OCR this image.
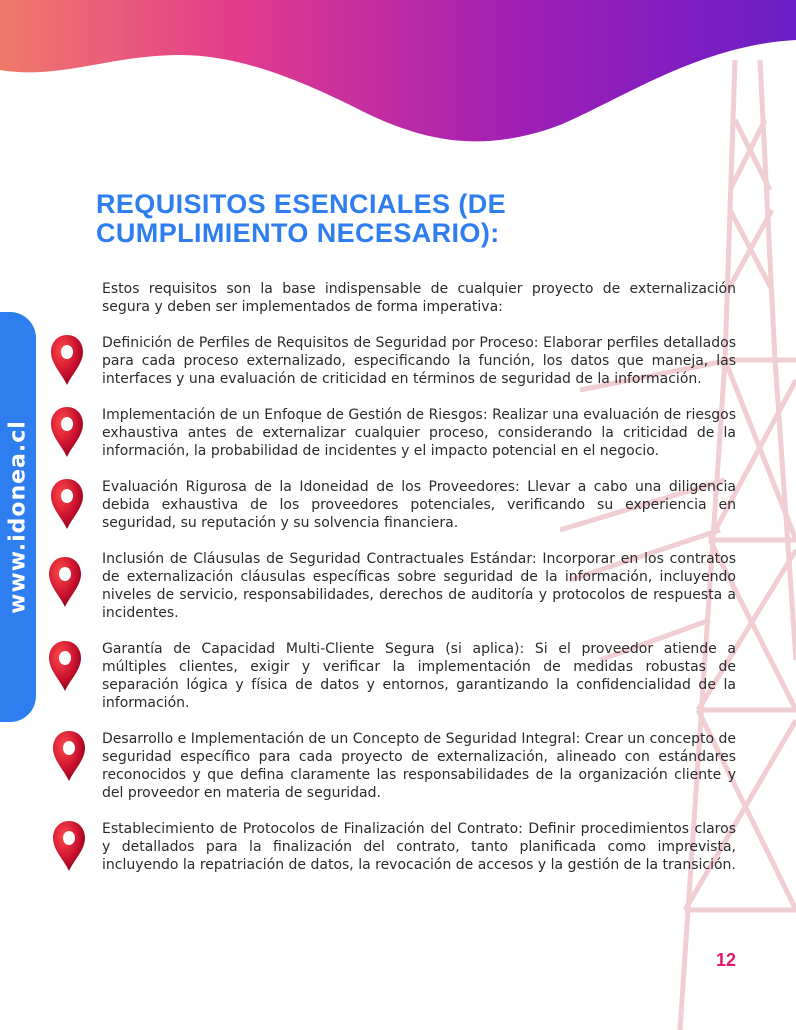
www.idonea.cl
REQUISITOS ESENCIALES (DE
CUMPLIMIENTO NECESARIO):

Estos requisitos son la base indispensable de cualquier proyecto de externalización segura y deben ser implementados de forma imperativa:

Definición de Perfiles de Requisitos de Seguridad por Proceso: Elaborar perfiles detallados para cada proceso externalizado, especificando la función, los datos que maneja, las interfaces y una evaluación de criticidad en términos de seguridad de la información.

Implementación de un Enfoque de Gestión de Riesgos: Realizar una evaluación de riesgos exhaustiva antes de externalizar cualquier proceso, considerando la criticidad de la información, la probabilidad de incidentes y el impacto potencial en el negocio.

Evaluación Rigurosa de la Idoneidad de los Proveedores: Llevar a cabo una diligencia debida exhaustiva de los proveedores potenciales, verificando su experiencia en seguridad, su reputación y su solvencia financiera.

Inclusión de Cláusulas de Seguridad Contractuales Estándar: Incorporar en los contratos de externalización cláusulas específicas sobre seguridad de la información, incluyendo niveles de servicio, responsabilidades, derechos de auditoría y protocolos de respuesta a incidentes.

Garantía de Capacidad Multi-Cliente Segura (si aplica): Si el proveedor atiende a múltiples clientes, exigir y verificar la implementación de medidas robustas de separación lógica y física de datos y entornos, garantizando la confidencialidad de la información.

Desarrollo e Implementación de un Concepto de Seguridad Integral: Crear un concepto de seguridad específico para cada proyecto de externalización, alineado con estándares reconocidos y que defina claramente las responsabilidades de la organización cliente y del proveedor en materia de seguridad.

Establecimiento de Protocolos de Finalización del Contrato: Definir procedimientos claros y detallados para la finalización del contrato, tanto planificada como imprevista, incluyendo la repatriación de datos, la revocación de accesos y la gestión de la transición.

12
